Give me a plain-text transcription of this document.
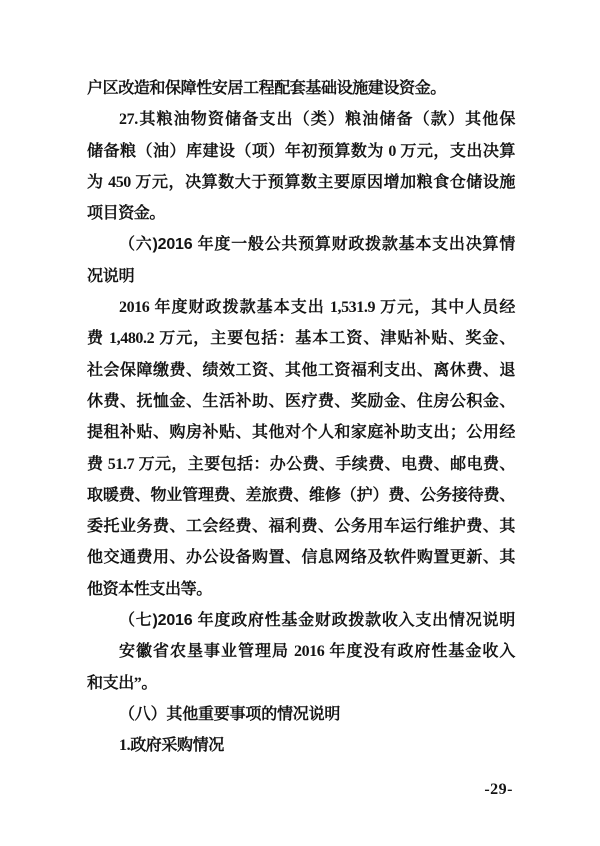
户区改造和保障性安居工程配套基础设施建设资金。
27.其粮油物资储备支出（类）粮油储备（款）其他保
储备粮（油）库建设（项）年初预算数为 0 万元，支出决算
为 450 万元，决算数大于预算数主要原因增加粮食仓储设施
项目资金。
（六)2016 年度一般公共预算财政拨款基本支出决算情
况说明
2016 年度财政拨款基本支出 1,531.9 万元，其中人员经
费 1,480.2 万元，主要包括：基本工资、津贴补贴、奖金、
社会保障缴费、绩效工资、其他工资福利支出、离休费、退
休费、抚恤金、生活补助、医疗费、奖励金、住房公积金、
提租补贴、购房补贴、其他对个人和家庭补助支出；公用经
费 51.7 万元，主要包括：办公费、手续费、电费、邮电费、
取暖费、物业管理费、差旅费、维修（护）费、公务接待费、
委托业务费、工会经费、福利费、公务用车运行维护费、其
他交通费用、办公设备购置、信息网络及软件购置更新、其
他资本性支出等。
（七)2016 年度政府性基金财政拨款收入支出情况说明
安徽省农垦事业管理局 2016 年度没有政府性基金收入
和支出”。
（八）其他重要事项的情况说明
1.政府采购情况
-29-
